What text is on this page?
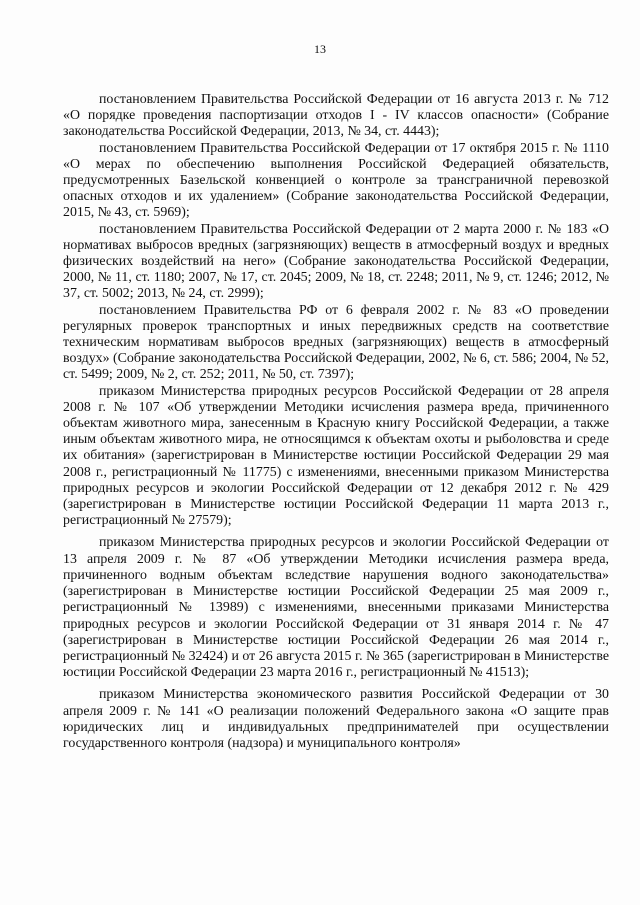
13

постановлением Правительства Российской Федерации от 16 августа 2013 г. № 712 «О порядке проведения паспортизации отходов I - IV классов опасности» (Собрание законодательства Российской Федерации, 2013, № 34, ст. 4443);

постановлением Правительства Российской Федерации от 17 октября 2015 г. № 1110 «О мерах по обеспечению выполнения Российской Федерацией обязательств, предусмотренных Базельской конвенцией о контроле за трансграничной перевозкой опасных отходов и их удалением» (Собрание законодательства Российской Федерации, 2015, № 43, ст. 5969);

постановлением Правительства Российской Федерации от 2 марта 2000 г. № 183 «О нормативах выбросов вредных (загрязняющих) веществ в атмосферный воздух и вредных физических воздействий на него» (Собрание законодательства Российской Федерации, 2000, № 11, ст. 1180; 2007, № 17, ст. 2045; 2009, № 18, ст. 2248; 2011, № 9, ст. 1246; 2012, № 37, ст. 5002; 2013, № 24, ст. 2999);

постановлением Правительства РФ от 6 февраля 2002 г. № 83 «О проведении регулярных проверок транспортных и иных передвижных средств на соответствие техническим нормативам выбросов вредных (загрязняющих) веществ в атмосферный воздух» (Собрание законодательства Российской Федерации, 2002, № 6, ст. 586; 2004, № 52, ст. 5499; 2009, № 2, ст. 252; 2011, № 50, ст. 7397);

приказом Министерства природных ресурсов Российской Федерации от 28 апреля 2008 г. № 107 «Об утверждении Методики исчисления размера вреда, причиненного объектам животного мира, занесенным в Красную книгу Российской Федерации, а также иным объектам животного мира, не относящимся к объектам охоты и рыболовства и среде их обитания» (зарегистрирован в Министерстве юстиции Российской Федерации 29 мая 2008 г., регистрационный № 11775) с изменениями, внесенными приказом Министерства природных ресурсов и экологии Российской Федерации от 12 декабря 2012 г. № 429 (зарегистрирован в Министерстве юстиции Российской Федерации 11 марта 2013 г., регистрационный № 27579);

приказом Министерства природных ресурсов и экологии Российской Федерации от 13 апреля 2009 г. № 87 «Об утверждении Методики исчисления размера вреда, причиненного водным объектам вследствие нарушения водного законодательства» (зарегистрирован в Министерстве юстиции Российской Федерации 25 мая 2009 г., регистрационный № 13989) с изменениями, внесенными приказами Министерства природных ресурсов и экологии Российской Федерации от 31 января 2014 г. № 47 (зарегистрирован в Министерстве юстиции Российской Федерации 26 мая 2014 г., регистрационный № 32424) и от 26 августа 2015 г. № 365 (зарегистрирован в Министерстве юстиции Российской Федерации 23 марта 2016 г., регистрационный № 41513);

приказом Министерства экономического развития Российской Федерации от 30 апреля 2009 г. № 141 «О реализации положений Федерального закона «О защите прав юридических лиц и индивидуальных предпринимателей при осуществлении государственного контроля (надзора) и муниципального контроля»
